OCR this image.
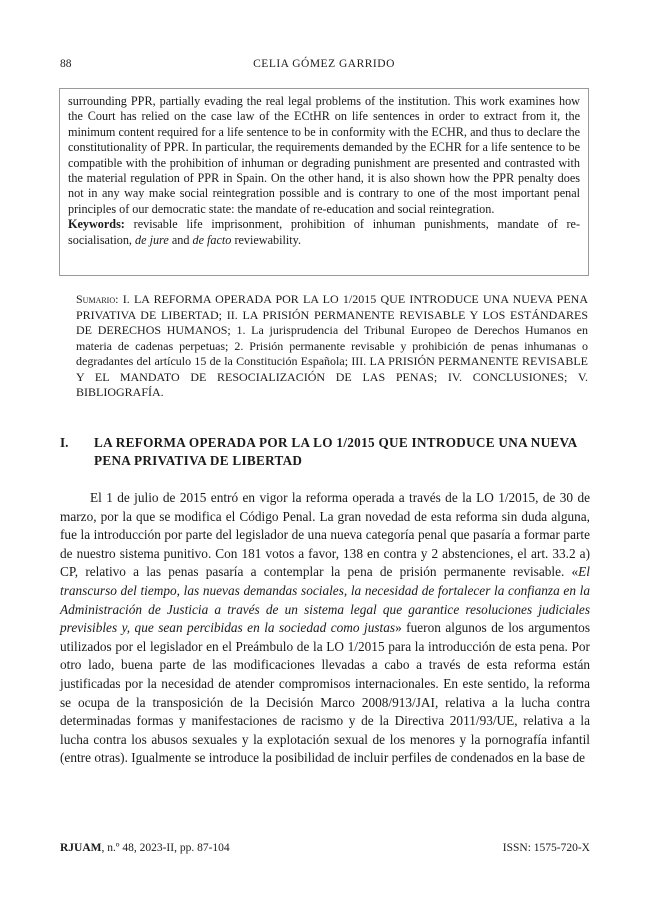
88	CELIA GÓMEZ GARRIDO

surrounding PPR, partially evading the real legal problems of the institution. This work examines how the Court has relied on the case law of the ECtHR on life sentences in order to extract from it, the minimum content required for a life sentence to be in conformity with the ECHR, and thus to declare the constitutionality of PPR. In particular, the requirements demanded by the ECHR for a life sentence to be compatible with the prohibition of inhuman or degrading punishment are presented and contrasted with the material regulation of PPR in Spain. On the other hand, it is also shown how the PPR penalty does not in any way make social reintegration possible and is contrary to one of the most important penal principles of our democratic state: the mandate of re-education and social reintegration.

Keywords: revisable life imprisonment, prohibition of inhuman punishments, mandate of re-socialisation, de jure and de facto reviewability.

Sumario: I. LA REFORMA OPERADA POR LA LO 1/2015 QUE INTRODUCE UNA NUEVA PENA PRIVATIVA DE LIBERTAD; II. LA PRISIÓN PERMANENTE REVISABLE Y LOS ESTÁNDARES DE DERECHOS HUMANOS; 1. La jurisprudencia del Tribunal Europeo de Derechos Humanos en materia de cadenas perpetuas; 2. Prisión permanente revisable y prohibición de penas inhumanas o degradantes del artículo 15 de la Constitución Española; III. LA PRISIÓN PERMANENTE REVISABLE Y EL MANDATO DE RESOCIALIZACIÓN DE LAS PENAS; IV. CONCLUSIONES; V. BIBLIOGRAFÍA.

I.	LA REFORMA OPERADA POR LA LO 1/2015 QUE INTRODUCE UNA NUEVA PENA PRIVATIVA DE LIBERTAD

El 1 de julio de 2015 entró en vigor la reforma operada a través de la LO 1/2015, de 30 de marzo, por la que se modifica el Código Penal. La gran novedad de esta reforma sin duda alguna, fue la introducción por parte del legislador de una nueva categoría penal que pasaría a formar parte de nuestro sistema punitivo. Con 181 votos a favor, 138 en contra y 2 abstenciones, el art. 33.2 a) CP, relativo a las penas pasaría a contemplar la pena de prisión permanente revisable. «El transcurso del tiempo, las nuevas demandas sociales, la necesidad de fortalecer la confianza en la Administración de Justicia a través de un sistema legal que garantice resoluciones judiciales previsibles y, que sean percibidas en la sociedad como justas» fueron algunos de los argumentos utilizados por el legislador en el Preámbulo de la LO 1/2015 para la introducción de esta pena. Por otro lado, buena parte de las modificaciones llevadas a cabo a través de esta reforma están justificadas por la necesidad de atender compromisos internacionales. En este sentido, la reforma se ocupa de la transposición de la Decisión Marco 2008/913/JAI, relativa a la lucha contra determinadas formas y manifestaciones de racismo y de la Directiva 2011/93/UE, relativa a la lucha contra los abusos sexuales y la explotación sexual de los menores y la pornografía infantil (entre otras). Igualmente se introduce la posibilidad de incluir perfiles de condenados en la base de

RJUAM, n.º 48, 2023-II, pp. 87-104	ISSN: 1575-720-X
